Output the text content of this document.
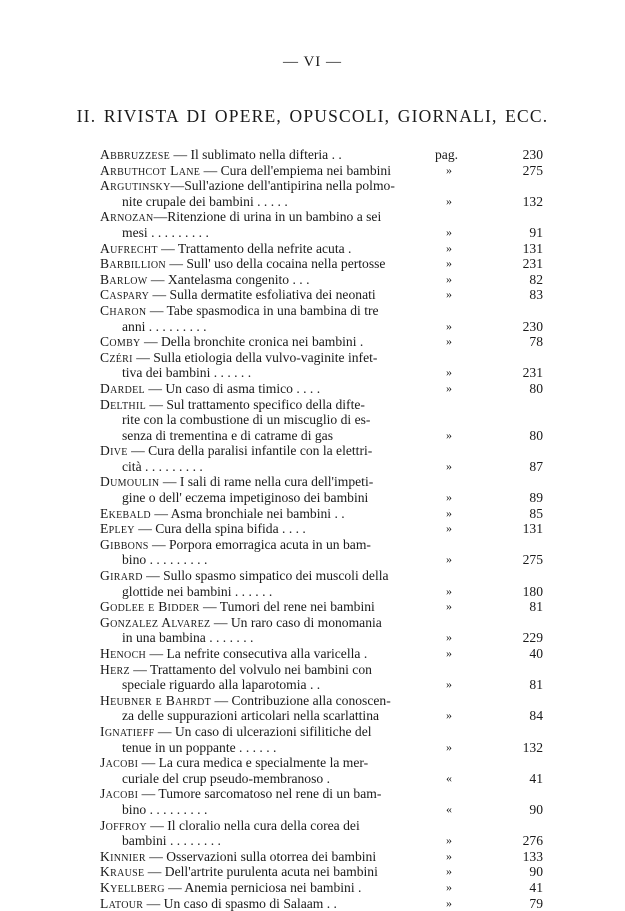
— VI —
II. RIVISTA DI OPERE, OPUSCOLI, GIORNALI, ECC.
Abbruzzese — Il sublimato nella difteria . .	pag.	230
Arbuthcot Lane — Cura dell'empiema nei bambini	»	275
Argutinsky—Sull'azione dell'antipirina nella polmo-
nite crupale dei bambini . . . . .	»	132
Arnozan—Ritenzione di urina in un bambino a sei
mesi . . . . . . . . .	»	91
Aufrecht — Trattamento della nefrite acuta .	»	131
Barbillion — Sull' uso della cocaina nella pertosse	»	231
Barlow — Xantelasma congenito . . .	»	82
Caspary — Sulla dermatite esfoliativa dei neonati	»	83
Charon — Tabe spasmodica in una bambina di tre
anni . . . . . . . . .	»	230
Comby — Della bronchite cronica nei bambini .	»	78
Czéri — Sulla etiologia della vulvo-vaginite infet-
tiva dei bambini . . . . . .	»	231
Dardel — Un caso di asma timico . . . .	»	80
Delthil — Sul trattamento specifico della difte-
rite con la combustione di un miscuglio di es-
senza di trementina e di catrame di gas	»	80
Dive — Cura della paralisi infantile con la elettri-
cità . . . . . . . . .	»	87
Dumoulin — I sali di rame nella cura dell'impeti-
gine o dell' eczema impetiginoso dei bambini	»	89
Ekebald — Asma bronchiale nei bambini . .	»	85
Epley — Cura della spina bifida . . . .	»	131
Gibbons — Porpora emorragica acuta in un bam-
bino . . . . . . . . .	»	275
Girard — Sullo spasmo simpatico dei muscoli della
glottide nei bambini . . . . . .	»	180
Godlee e Bidder — Tumori del rene nei bambini	»	81
Gonzalez Alvarez — Un raro caso di monomania
in una bambina . . . . . . .	»	229
Henoch — La nefrite consecutiva alla varicella .	»	40
Herz — Trattamento del volvulo nei bambini con
speciale riguardo alla laparotomia . .	»	81
Heubner e Bahrdt — Contribuzione alla conoscen-
za delle suppurazioni articolari nella scarlattina	»	84
Ignatieff — Un caso di ulcerazioni sifilitiche del
tenue in un poppante . . . . . .	»	132
Jacobi — La cura medica e specialmente la mer-
curiale del crup pseudo-membranoso .	«	41
Jacobi — Tumore sarcomatoso nel rene di un bam-
bino . . . . . . . . .	«	90
Joffroy — Il cloralio nella cura della corea dei
bambini . . . . . . . .	»	276
Kinnier — Osservazioni sulla otorrea dei bambini	»	133
Krause — Dell'artrite purulenta acuta nei bambini	»	90
Kyellberg — Anemia perniciosa nei bambini .	»	41
Latour — Un caso di spasmo di Salaam . .	»	79
